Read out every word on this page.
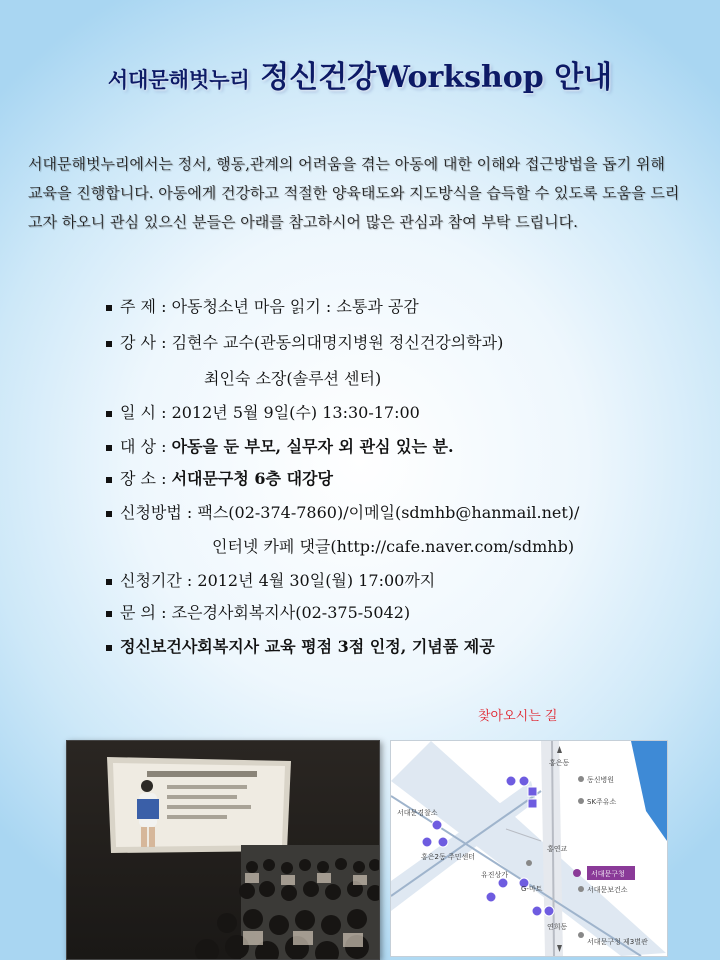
서대문해벗누리 정신건강Workshop 안내
서대문해벗누리에서는 정서, 행동,관계의 어려움을 겪는 아동에 대한 이해와 접근방법을 돕기 위해
교육을 진행합니다. 아동에게 건강하고 적절한 양육태도와 지도방식을 습득할 수 있도록 도움을 드리
고자 하오니 관심 있으신 분들은 아래를 참고하시어 많은 관심과 참여 부탁 드립니다.
주 제 : 아동청소년 마음 읽기 : 소통과 공감
강 사 : 김현수 교수(관동의대명지병원 정신건강의학과)
최인숙 소장(솔루션 센터)
일 시 : 2012년 5월 9일(수) 13:30-17:00
대 상 : 아동을 둔 부모, 실무자 외 관심 있는 분.
장 소 : 서대문구청 6층 대강당
신청방법 : 팩스(02-374-7860)/이메일(sdmhb@hanmail.net)/
인터넷 카페 댓글(http://cafe.naver.com/sdmhb)
신청기간 : 2012년 4월 30일(월) 17:00까지
문 의 : 조은경사회복지사(02-375-5042)
정신보건사회복지사 교육 평점 3점 인정, 기념품 제공
찾아오시는 길
홍은동
동신병원
SK주유소
서대문경찰소
홍은2동 주민센터
홍연교
서대문구청
서대문보건소
유진상가
G-마트
연희동
서대문구청 제3별관
